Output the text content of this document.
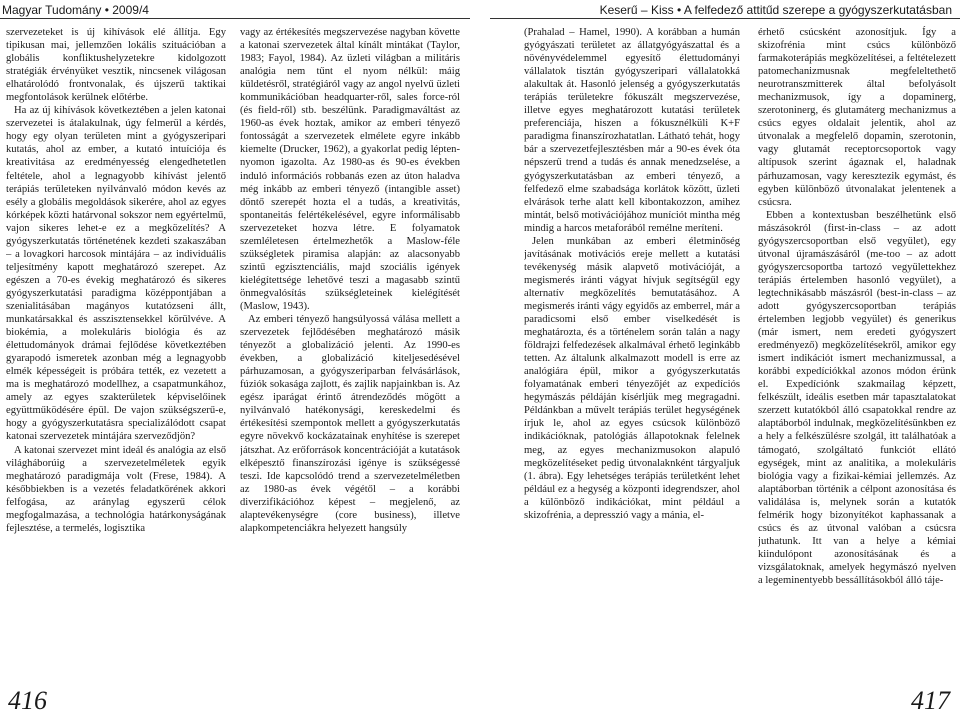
Magyar Tudomány • 2009/4

szervezeteket is új kihívások elé állítja. Egy tipikusan mai, jellemzően lokális szituációban a globális konfliktushelyzetekre kidolgozott stratégiák érvényüket vesztik, nincsenek világosan elhatárolódó frontvonalak, és újszerű taktikai megfontolások kerülnek előtérbe.

Ha az új kihívások következtében a jelen katonai szervezetei is átalakulnak, úgy felmerül a kérdés, hogy egy olyan területen mint a gyógyszeripari kutatás, ahol az ember, a kutató intuíciója és kreativitása az eredményesség elengedhetetlen feltétele, ahol a legnagyobb kihívást jelentő terápiás területeken nyilvánvaló módon kevés az esély a globális megoldások sikerére, ahol az egyes kórképek közti határvonal sokszor nem egyértelmű, vajon sikeres lehet-e ez a megközelítés? A gyógyszerkutatás történetének kezdeti szakaszában – a lovagkori harcosok mintájára – az individuális teljesítmény kapott meghatározó szerepet. Az egészen a 70-es évekig meghatározó és sikeres gyógyszerkutatási paradigma középpontjában a szenialitásában magányos kutatózseni állt, munkatársakkal és asszisztensekkel körülvéve. A biokémia, a molekuláris biológia és az élettudományok drámai fejlődése következtében gyarapodó ismeretek azonban még a legnagyobb elmék képességeit is próbára tették, ez vezetett a ma is meghatározó modellhez, a csapatmunkához, amely az egyes szakterületek képviselőinek együttműködésére épül. De vajon szükségszerű-e, hogy a gyógyszerkutatásra specializálódott csapat katonai szervezetek mintájára szerveződjön?

A katonai szervezet mint ideál és analógia az első világháborúig a szervezetelméletek egyik meghatározó paradigmája volt (Frese, 1984). A későbbiekben is a vezetés feladatkörének akkori felfogása, az aránylag egyszerű célok megfogalmazása, a technológia határkonyságának fejlesztése, a termelés, logisztika

vagy az értékesítés megszervezése nagyban követte a katonai szervezetek által kínált mintákat (Taylor, 1983; Fayol, 1984). Az üzleti világban a militáris analógia nem tűnt el nyom nélkül: máig küldetésről, stratégiáról vagy az angol nyelvű üzleti kommunikációban headquarter-ről, sales force-ról (és field-ről) stb. beszélünk. Paradigmaváltást az 1960-as évek hoztak, amikor az emberi tényező fontosságát a szervezetek elmélete egyre inkább kiemelte (Drucker, 1962), a gyakorlat pedig lépten-nyomon igazolta. Az 1980-as és 90-es években induló információs robbanás ezen az úton haladva még inkább az emberi tényező (intangible asset) döntő szerepét hozta el a tudás, a kreativitás, spontaneitás felértékelésével, egyre informálisabb szervezeteket hozva létre. E folyamatok szemléletesen értelmezhetők a Maslow-féle szükségletek piramisa alapján: az alacsonyabb szintű egzisztenciális, majd szociális igények kielégítettsége lehetővé teszi a magasabb szintű önmegvalósítás szükségleteinek kielégítését (Maslow, 1943).

Az emberi tényező hangsúlyossá válása mellett a szervezetek fejlődésében meghatározó másik tényezőt a globalizáció jelenti. Az 1990-es években, a globalizáció kiteljesedésével párhuzamosan, a gyógyszeriparban felvásárlások, fúziók sokasága zajlott, és zajlik napjainkban is. Az egész iparágat érintő átrendeződés mögött a nyilvánvaló hatékonysági, kereskedelmi és értékesítési szempontok mellett a gyógyszerkutatás egyre növekvő kockázatainak enyhítése is szerepet játszhat. Az erőforrások koncentrációját a kutatások elképesztő finanszírozási igénye is szükségessé teszi. Ide kapcsolódó trend a szervezetelméletben az 1980-as évek végétől – a korábbi diverzifikációhoz képest – megjelenő, az alaptevékenységre (core business), illetve alapkompetenciákra helyezett hangsúly

416
Keserű – Kiss • A felfedező attitűd szerepe a gyógyszerkutatásban

(Prahalad – Hamel, 1990). A korábban a humán gyógyászati területet az állatgyógyászattal és a növényvédelemmel egyesítő élettudományi vállalatok tisztán gyógyszeripari vállalatokká alakultak át. Hasonló jelenség a gyógyszerkutatás terápiás területekre fókuszált megszervezése, illetve egyes meghatározott kutatási területek preferenciája, hiszen a fókusznélküli K+F paradigma finanszírozhatatlan. Látható tehát, hogy bár a szervezetfejlesztésben már a 90-es évek óta népszerű trend a tudás és annak menedzselése, a gyógyszerkutatásban az emberi tényező, a felfedező elme szabadsága korlátok között, üzleti elvárások terhe alatt kell kibontakozzon, amihez mintát, belső motivációjához muníciót mintha még mindig a harcos metaforából remélne meríteni.

Jelen munkában az emberi életminőség javításának motivációs ereje mellett a kutatási tevékenység másik alapvető motivációját, a megismerés iránti vágyat hívjuk segítségül egy alternatív megközelítés bemutatásához. A megismerés iránti vágy egyidős az emberrel, már a paradicsomi első ember viselkedését is meghatározta, és a történelem során talán a nagy földrajzi felfedezések alkalmával érhető leginkább tetten. Az általunk alkalmazott modell is erre az analógiára épül, mikor a gyógyszerkutatás folyamatának emberi tényezőjét az expedíciós hegymászás példáján kísérljük meg megragadni. Példánkban a művelt terápiás terület hegységének írjuk le, ahol az egyes csúcsok különböző indikációknak, patológiás állapotoknak felelnek meg, az egyes mechanizmusokon alapuló megközelítéseket pedig útvonalaknként tárgyaljuk (1. ábra). Egy lehetséges terápiás területként lehet például ez a hegység a központi idegrendszer, ahol a különböző indikációkat, mint például a skizofrénia, a depresszió vagy a mánia, el-

érhető csúcsként azonosítjuk. Így a skizofrénia mint csúcs különböző farmakoterápiás megközelítései, a feltételezett patomechanizmusnak megfeleltethető neurotranszmitterek által befolyásolt mechanizmusok, így a dopaminerg, szerotoninerg, és glutamáterg mechanizmus a csúcs egyes oldalait jelentik, ahol az útvonalak a megfelelő dopamin, szerotonin, vagy glutamát receptorcsoportok vagy altípusok szerint ágaznak el, haladnak párhuzamosan, vagy keresztezik egymást, és egyben különböző útvonalakat jelentenek a csúcsra.

Ebben a kontextusban beszélhetünk első mászásokról (first-in-class – az adott gyógyszercsoportban első vegyület), egy útvonal újramászásáról (me-too – az adott gyógyszercsoportba tartozó vegyülettekhez terápiás értelemben hasonló vegyület), a legtechnikásabb mászásról (best-in-class – az adott gyógyszercsoportban terápiás értelemben legjobb vegyület) és generikus (már ismert, nem eredeti gyógyszert eredményező) megközelítésekről, amikor egy ismert indikációt ismert mechanizmussal, a korábbi expedíciókkal azonos módon érünk el. Expedíciónk szakmailag képzett, felkészült, ideális esetben már tapasztalatokat szerzett kutatókból álló csapatokkal rendre az alaptáborból indulnak, megközelítésünkben ez a hely a felkészülésre szolgál, itt találhatóak a támogató, szolgáltató funkciót ellátó egységek, mint az analitika, a molekuláris biológia vagy a fizikai-kémiai jellemzés. Az alaptáborban történik a célpont azonosítása és validálása is, melynek során a kutatók felmérik hogy bizonyítékot kaphassanak a csúcs és az útvonal valóban a csúcsra juthatunk. Itt van a helye a kémiai kiindulópont azonosításának és a vizsgálatoknak, amelyek hegymászó nyelven a legeminentyebb bessállításokból álló táje-

417
